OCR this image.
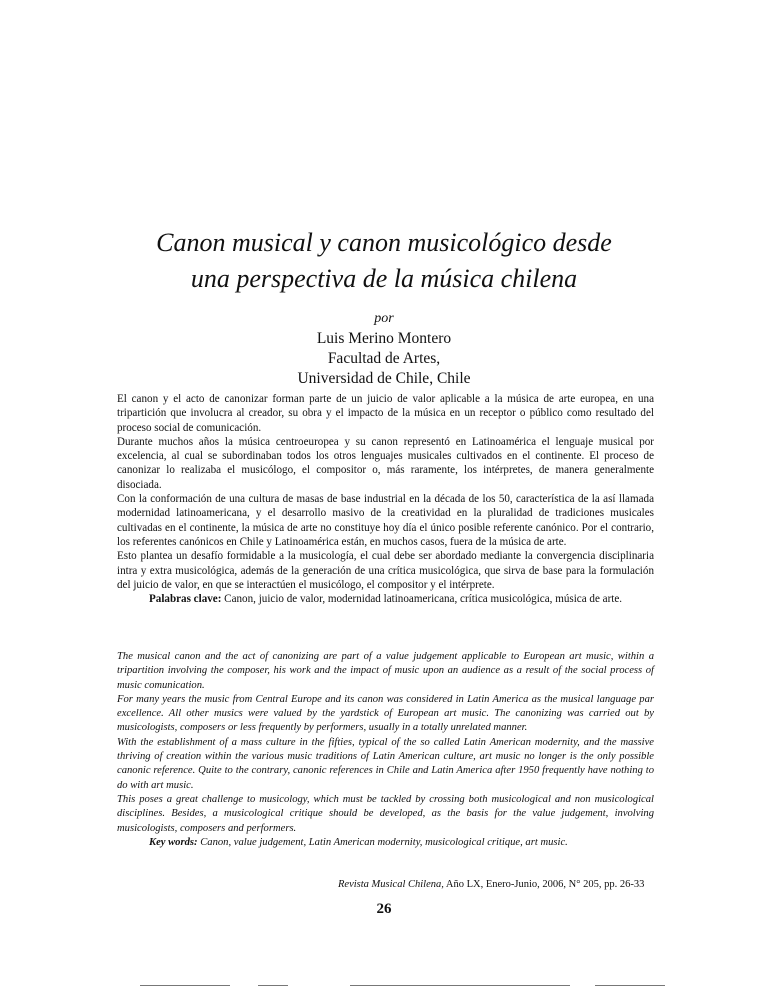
Canon musical y canon musicológico desde
una perspectiva de la música chilena
por
Luis Merino Montero
Facultad de Artes,
Universidad de Chile, Chile

El canon y el acto de canonizar forman parte de un juicio de valor aplicable a la música de arte europea, en una tripartición que involucra al creador, su obra y el impacto de la música en un receptor o público como resultado del proceso social de comunicación.

Durante muchos años la música centroeuropea y su canon representó en Latinoamérica el lenguaje musical por excelencia, al cual se subordinaban todos los otros lenguajes musicales cultivados en el continente. El proceso de canonizar lo realizaba el musicólogo, el compositor o, más raramente, los intérpretes, de manera generalmente disociada.

Con la conformación de una cultura de masas de base industrial en la década de los 50, característica de la así llamada modernidad latinoamericana, y el desarrollo masivo de la creatividad en la pluralidad de tradiciones musicales cultivadas en el continente, la música de arte no constituye hoy día el único posible referente canónico. Por el contrario, los referentes canónicos en Chile y Latinoamérica están, en muchos casos, fuera de la música de arte.

Esto plantea un desafío formidable a la musicología, el cual debe ser abordado mediante la convergencia disciplinaria intra y extra musicológica, además de la generación de una crítica musicológica, que sirva de base para la formulación del juicio de valor, en que se interactúen el musicólogo, el compositor y el intérprete.

Palabras clave: Canon, juicio de valor, modernidad latinoamericana, crítica musicológica, música de arte.

The musical canon and the act of canonizing are part of a value judgement applicable to European art music, within a tripartition involving the composer, his work and the impact of music upon an audience as a result of the social process of music comunication.

For many years the music from Central Europe and its canon was considered in Latin America as the musical language par excellence. All other musics were valued by the yardstick of European art music. The canonizing was carried out by musicologists, composers or less frequently by performers, usually in a totally unrelated manner.

With the establishment of a mass culture in the fifties, typical of the so called Latin American modernity, and the massive thriving of creation within the various music traditions of Latin American culture, art music no longer is the only possible canonic reference. Quite to the contrary, canonic references in Chile and Latin America after 1950 frequently have nothing to do with art music.

This poses a great challenge to musicology, which must be tackled by crossing both musicological and non musicological disciplines. Besides, a musicological critique should be developed, as the basis for the value judgement, involving musicologists, composers and performers.

Key words: Canon, value judgement, Latin American modernity, musicological critique, art music.

Revista Musical Chilena, Año LX, Enero-Junio, 2006, N° 205, pp. 26-33
26
